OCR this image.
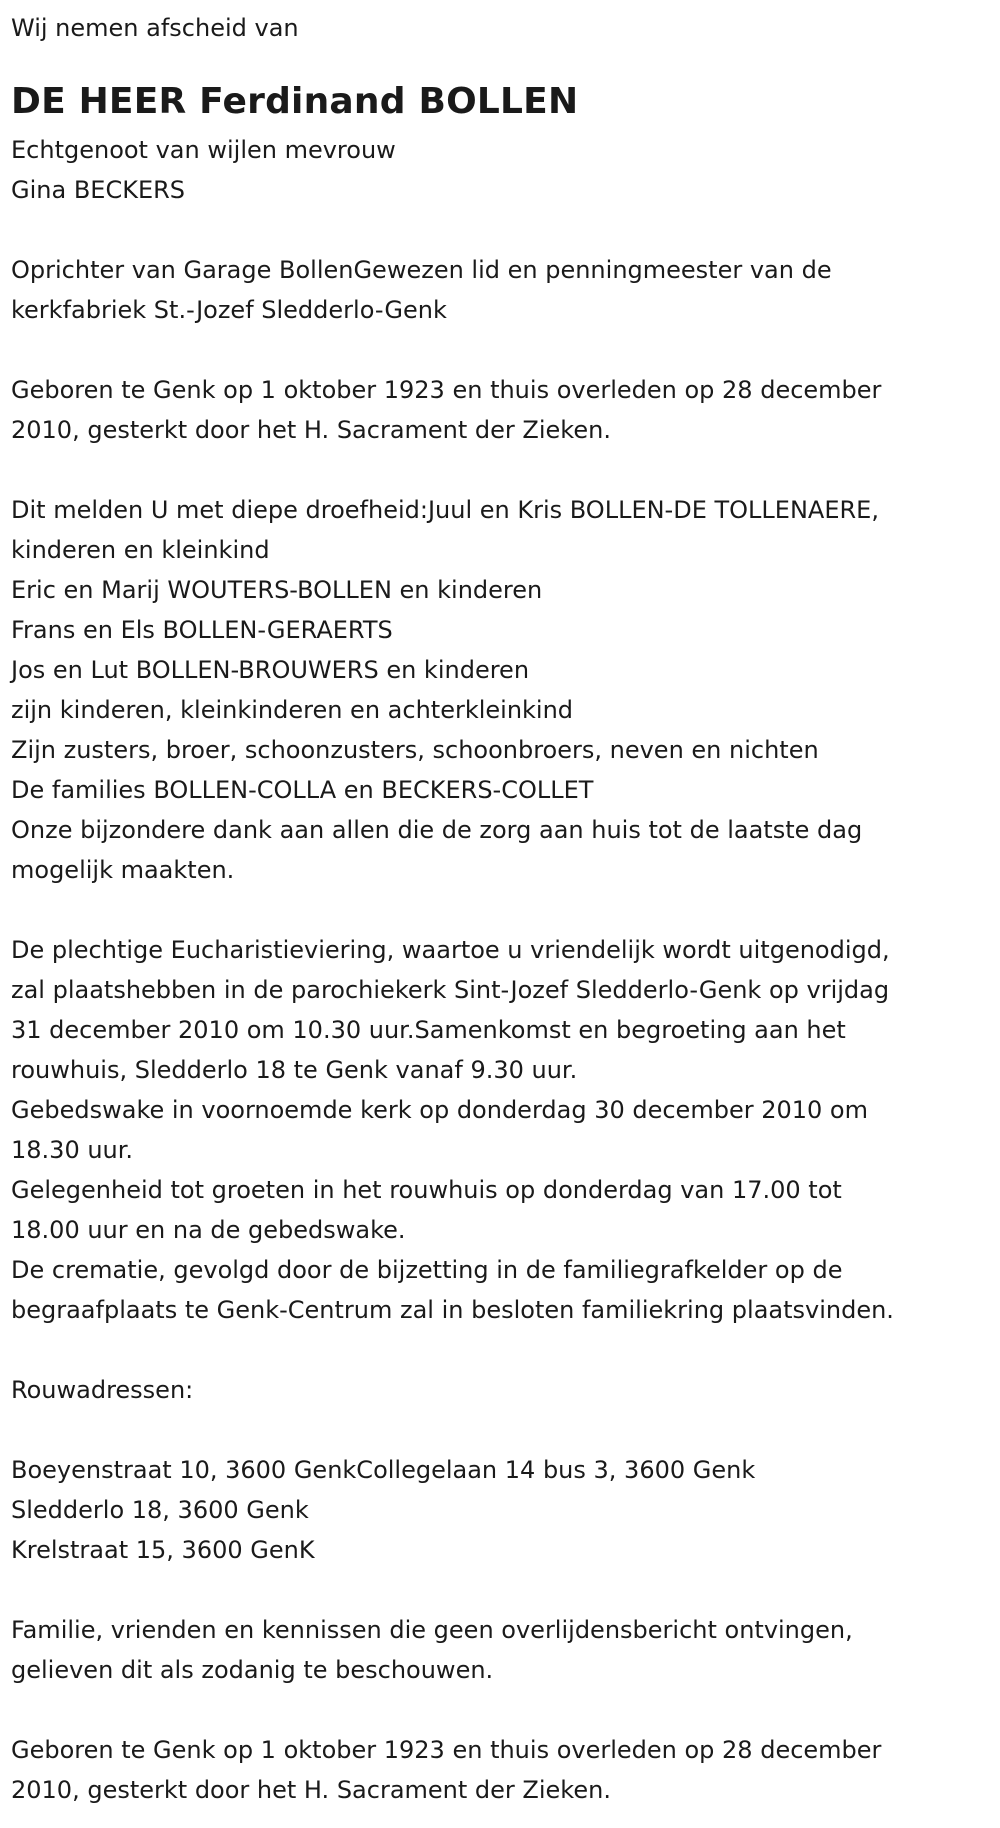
Wij nemen afscheid van

DE HEER Ferdinand BOLLEN
Echtgenoot van wijlen mevrouw
Gina BECKERS
Oprichter van Garage BollenGewezen lid en penningmeester van de
kerkfabriek St.-Jozef Sledderlo-Genk
Geboren te Genk op 1 oktober 1923 en thuis overleden op 28 december
2010, gesterkt door het H. Sacrament der Zieken.
Dit melden U met diepe droefheid:Juul en Kris BOLLEN-DE TOLLENAERE,
kinderen en kleinkind
Eric en Marij WOUTERS-BOLLEN en kinderen
Frans en Els BOLLEN-GERAERTS
Jos en Lut BOLLEN-BROUWERS en kinderen
zijn kinderen, kleinkinderen en achterkleinkind
Zijn zusters, broer, schoonzusters, schoonbroers, neven en nichten
De families BOLLEN-COLLA en BECKERS-COLLET
Onze bijzondere dank aan allen die de zorg aan huis tot de laatste dag
mogelijk maakten.
De plechtige Eucharistieviering, waartoe u vriendelijk wordt uitgenodigd,
zal plaatshebben in de parochiekerk Sint-Jozef Sledderlo-Genk op vrijdag
31 december 2010 om 10.30 uur.Samenkomst en begroeting aan het
rouwhuis, Sledderlo 18 te Genk vanaf 9.30 uur.
Gebedswake in voornoemde kerk op donderdag 30 december 2010 om
18.30 uur.
Gelegenheid tot groeten in het rouwhuis op donderdag van 17.00 tot
18.00 uur en na de gebedswake.
De crematie, gevolgd door de bijzetting in de familiegrafkelder op de
begraafplaats te Genk-Centrum zal in besloten familiekring plaatsvinden.
Rouwadressen:
Boeyenstraat 10, 3600 GenkCollegelaan 14 bus 3, 3600 Genk
Sledderlo 18, 3600 Genk
Krelstraat 15, 3600 GenK
Familie, vrienden en kennissen die geen overlijdensbericht ontvingen,
gelieven dit als zodanig te beschouwen.
Geboren te Genk op 1 oktober 1923 en thuis overleden op 28 december
2010, gesterkt door het H. Sacrament der Zieken.
